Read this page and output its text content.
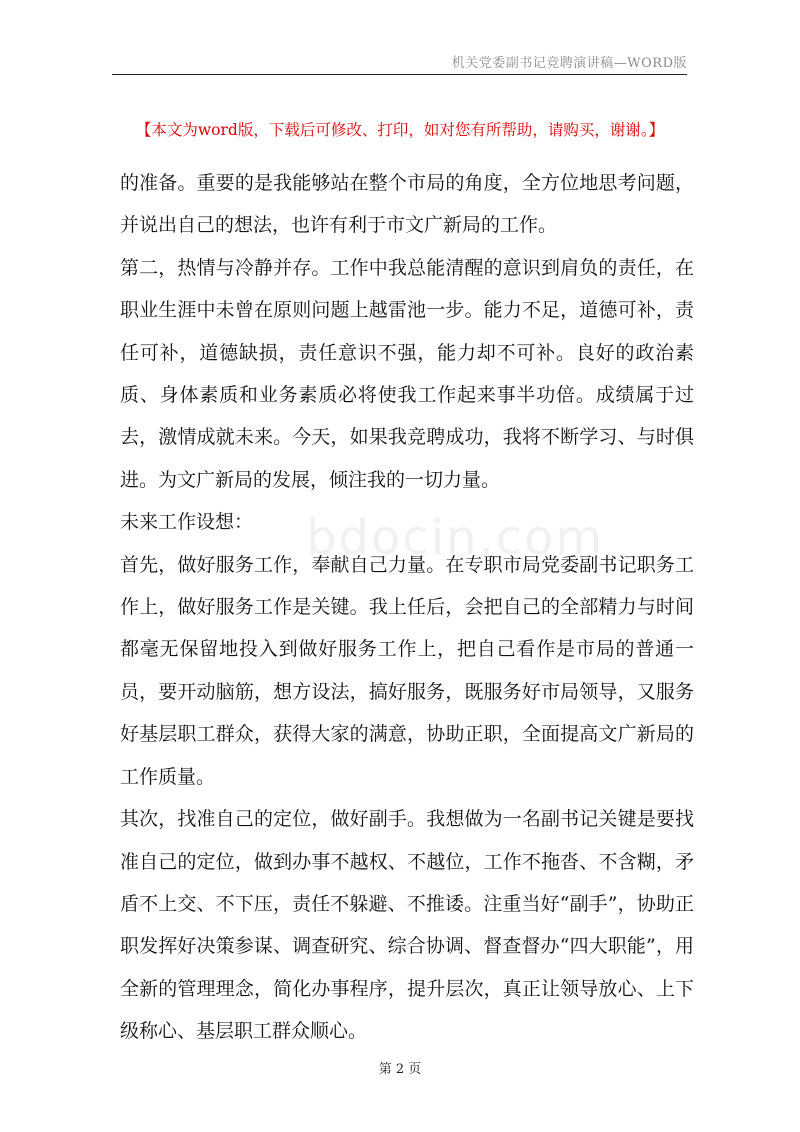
机关党委副书记竞聘演讲稿—WORD版
【本文为word版，下载后可修改、打印，如对您有所帮助，请购买，谢谢。】

的准备。重要的是我能够站在整个市局的角度，全方位地思考问题，并说出自己的想法，也许有利于市文广新局的工作。

第二，热情与冷静并存。工作中我总能清醒的意识到肩负的责任，在职业生涯中未曾在原则问题上越雷池一步。能力不足，道德可补，责任可补，道德缺损，责任意识不强，能力却不可补。良好的政治素质、身体素质和业务素质必将使我工作起来事半功倍。成绩属于过去，激情成就未来。今天，如果我竞聘成功，我将不断学习、与时俱进。为文广新局的发展，倾注我的一切力量。

未来工作设想：

首先，做好服务工作，奉献自己力量。在专职市局党委副书记职务工作上，做好服务工作是关键。我上任后，会把自己的全部精力与时间都毫无保留地投入到做好服务工作上，把自己看作是市局的普通一员，要开动脑筋，想方设法，搞好服务，既服务好市局领导，又服务好基层职工群众，获得大家的满意，协助正职，全面提高文广新局的工作质量。

其次，找准自己的定位，做好副手。我想做为一名副书记关键是要找准自己的定位，做到办事不越权、不越位，工作不拖沓、不含糊，矛盾不上交、不下压，责任不躲避、不推诿。注重当好“副手”，协助正职发挥好决策参谋、调查研究、综合协调、督查督办“四大职能”，用全新的管理理念，简化办事程序，提升层次，真正让领导放心、上下级称心、基层职工群众顺心。

bdocin.com
第 2 页
